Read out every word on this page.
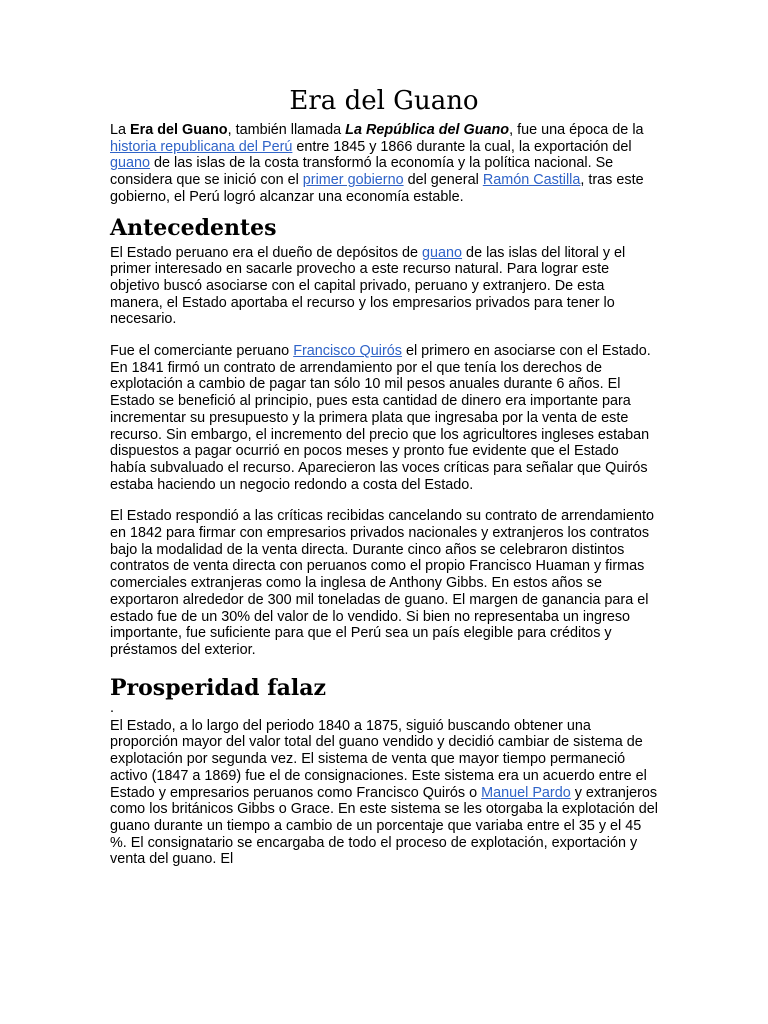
Era del Guano

La Era del Guano, también llamada La República del Guano, fue una época de la historia republicana del Perú entre 1845 y 1866 durante la cual, la exportación del guano de las islas de la costa transformó la economía y la política nacional. Se considera que se inició con el primer gobierno del general Ramón Castilla, tras este gobierno, el Perú logró alcanzar una economía estable.

Antecedentes

El Estado peruano era el dueño de depósitos de guano de las islas del litoral y el primer interesado en sacarle provecho a este recurso natural. Para lograr este objetivo buscó asociarse con el capital privado, peruano y extranjero. De esta manera, el Estado aportaba el recurso y los empresarios privados para tener lo necesario.

Fue el comerciante peruano Francisco Quirós el primero en asociarse con el Estado. En 1841 firmó un contrato de arrendamiento por el que tenía los derechos de explotación a cambio de pagar tan sólo 10 mil pesos anuales durante 6 años. El Estado se benefició al principio, pues esta cantidad de dinero era importante para incrementar su presupuesto y la primera plata que ingresaba por la venta de este recurso. Sin embargo, el incremento del precio que los agricultores ingleses estaban dispuestos a pagar ocurrió en pocos meses y pronto fue evidente que el Estado había subvaluado el recurso. Aparecieron las voces críticas para señalar que Quirós estaba haciendo un negocio redondo a costa del Estado.

El Estado respondió a las críticas recibidas cancelando su contrato de arrendamiento en 1842 para firmar con empresarios privados nacionales y extranjeros los contratos bajo la modalidad de la venta directa. Durante cinco años se celebraron distintos contratos de venta directa con peruanos como el propio Francisco Huaman y firmas comerciales extranjeras como la inglesa de Anthony Gibbs. En estos años se exportaron alrededor de 300 mil toneladas de guano. El margen de ganancia para el estado fue de un 30% del valor de lo vendido. Si bien no representaba un ingreso importante, fue suficiente para que el Perú sea un país elegible para créditos y préstamos del exterior.

Prosperidad falaz

.

El Estado, a lo largo del periodo 1840 a 1875, siguió buscando obtener una proporción mayor del valor total del guano vendido y decidió cambiar de sistema de explotación por segunda vez. El sistema de venta que mayor tiempo permaneció activo (1847 a 1869) fue el de consignaciones. Este sistema era un acuerdo entre el Estado y empresarios peruanos como Francisco Quirós o Manuel Pardo y extranjeros como los británicos Gibbs o Grace. En este sistema se les otorgaba la explotación del guano durante un tiempo a cambio de un porcentaje que variaba entre el 35 y el 45 %. El consignatario se encargaba de todo el proceso de explotación, exportación y venta del guano. El
